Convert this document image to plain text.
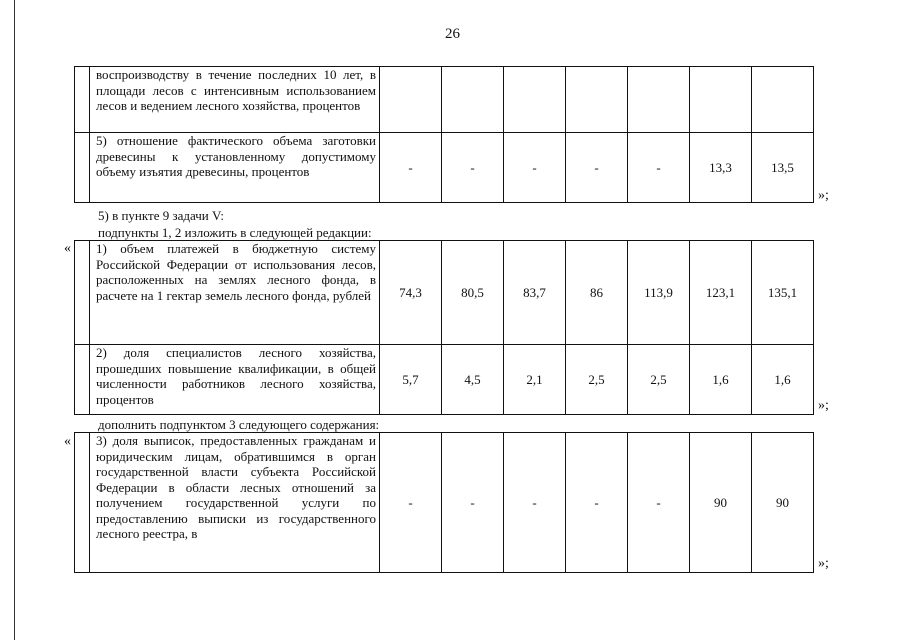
26
	воспроизводству в течение последних 10 лет, в площади лесов с интенсивным использованием лесов и ведением лесного хозяйства, процентов							
	5) отношение фактического объема заготовки древесины к установленному допустимому объему изъятия древесины, процентов	-	-	-	-	-	13,3	13,5
»;
5) в пункте 9 задачи V:
подпункты 1, 2 изложить в следующей редакции:
«
	1) объем платежей в бюджетную систему Российской Федерации от использования лесов, расположенных на землях лесного фонда, в расчете на 1 гектар земель лесного фонда, рублей	74,3	80,5	83,7	86	113,9	123,1	135,1
	2) доля специалистов лесного хозяйства, прошедших повышение квалификации, в общей численности работников лесного хозяйства, процентов	5,7	4,5	2,1	2,5	2,5	1,6	1,6
»;
дополнить подпунктом 3 следующего содержания:
«
	3) доля выписок, предоставленных гражданам и юридическим лицам, обратившимся в орган государственной власти субъекта Российской Федерации в области лесных отношений за получением государственной услуги по предоставлению выписки из государственного лесного реестра, в	-	-	-	-	-	90	90
»;
